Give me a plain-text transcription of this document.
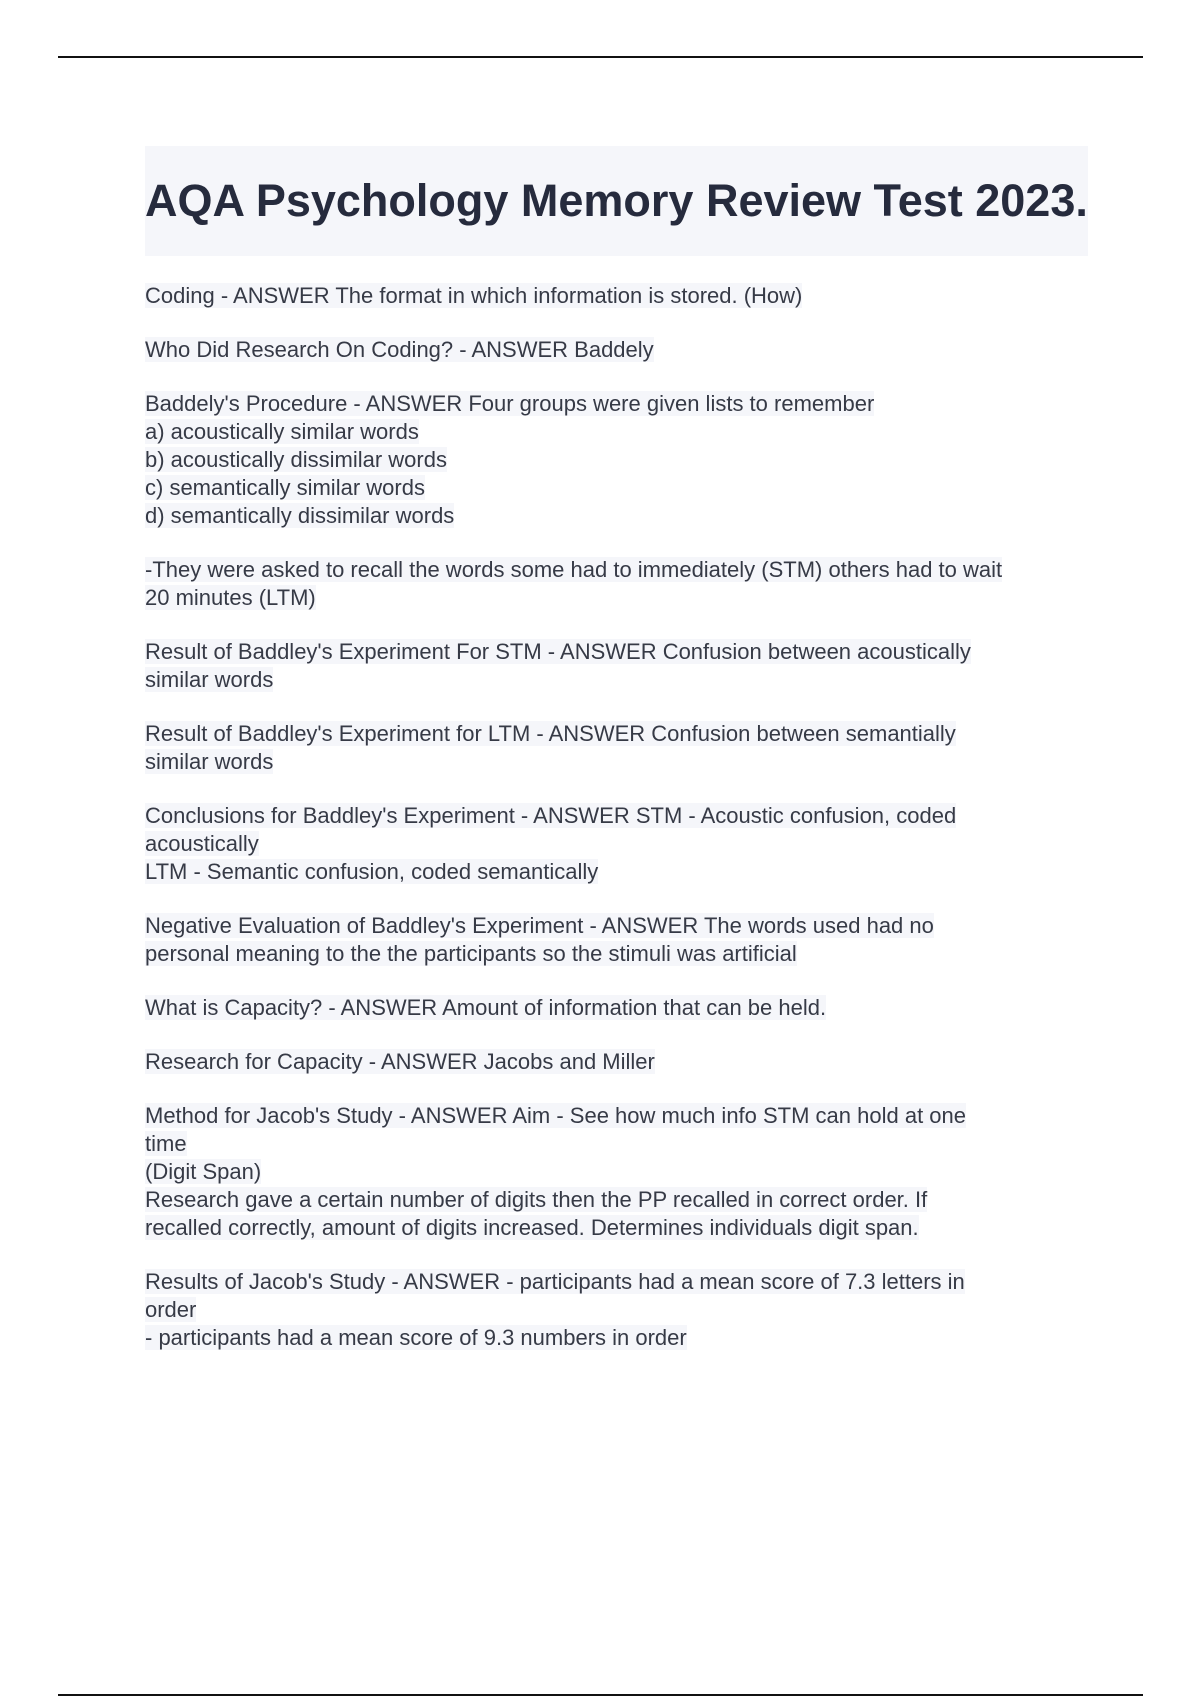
AQA Psychology Memory Review Test 2023.

Coding - ANSWER The format in which information is stored. (How)

Who Did Research On Coding? - ANSWER Baddely

Baddely's Procedure - ANSWER Four groups were given lists to remember
a) acoustically similar words
b) acoustically dissimilar words
c) semantically similar words
d) semantically dissimilar words

-They were asked to recall the words some had to immediately (STM) others had to wait
20 minutes (LTM)

Result of Baddley's Experiment For STM - ANSWER Confusion between acoustically
similar words

Result of Baddley's Experiment for LTM - ANSWER Confusion between semantially
similar words

Conclusions for Baddley's Experiment - ANSWER STM - Acoustic confusion, coded
acoustically
LTM - Semantic confusion, coded semantically

Negative Evaluation of Baddley's Experiment - ANSWER The words used had no
personal meaning to the the participants so the stimuli was artificial

What is Capacity? - ANSWER Amount of information that can be held.

Research for Capacity - ANSWER Jacobs and Miller

Method for Jacob's Study - ANSWER Aim - See how much info STM can hold at one
time
(Digit Span)
Research gave a certain number of digits then the PP recalled in correct order. If
recalled correctly, amount of digits increased. Determines individuals digit span.

Results of Jacob's Study - ANSWER - participants had a mean score of 7.3 letters in
order
- participants had a mean score of 9.3 numbers in order
